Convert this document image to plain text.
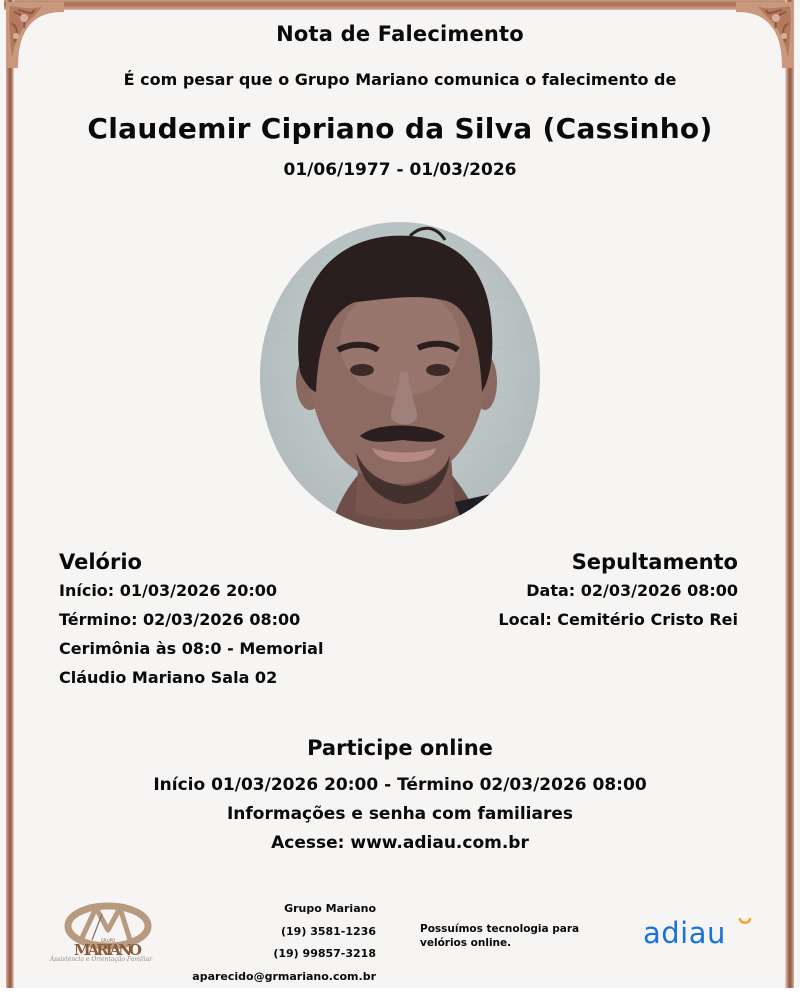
Nota de Falecimento
É com pesar que o Grupo Mariano comunica o falecimento de
Claudemir Cipriano da Silva (Cassinho)
01/06/1977 - 01/03/2026
Velório
Início: 01/03/2026 20:00
Término: 02/03/2026 08:00
Cerimônia às 08:0 - Memorial
Cláudio Mariano Sala 02
Sepultamento
Data: 02/03/2026 08:00
Local: Cemitério Cristo Rei
Participe online
Início 01/03/2026 20:00 - Término 02/03/2026 08:00
Informações e senha com familiares
Acesse: www.adiau.com.br
GRUPO
MARIANO
Assistência e Orientação Familiar
Grupo Mariano
(19) 3581-1236
(19) 99857-3218
aparecido@grmariano.com.br
Possuímos tecnologia para velórios online.	adiau
